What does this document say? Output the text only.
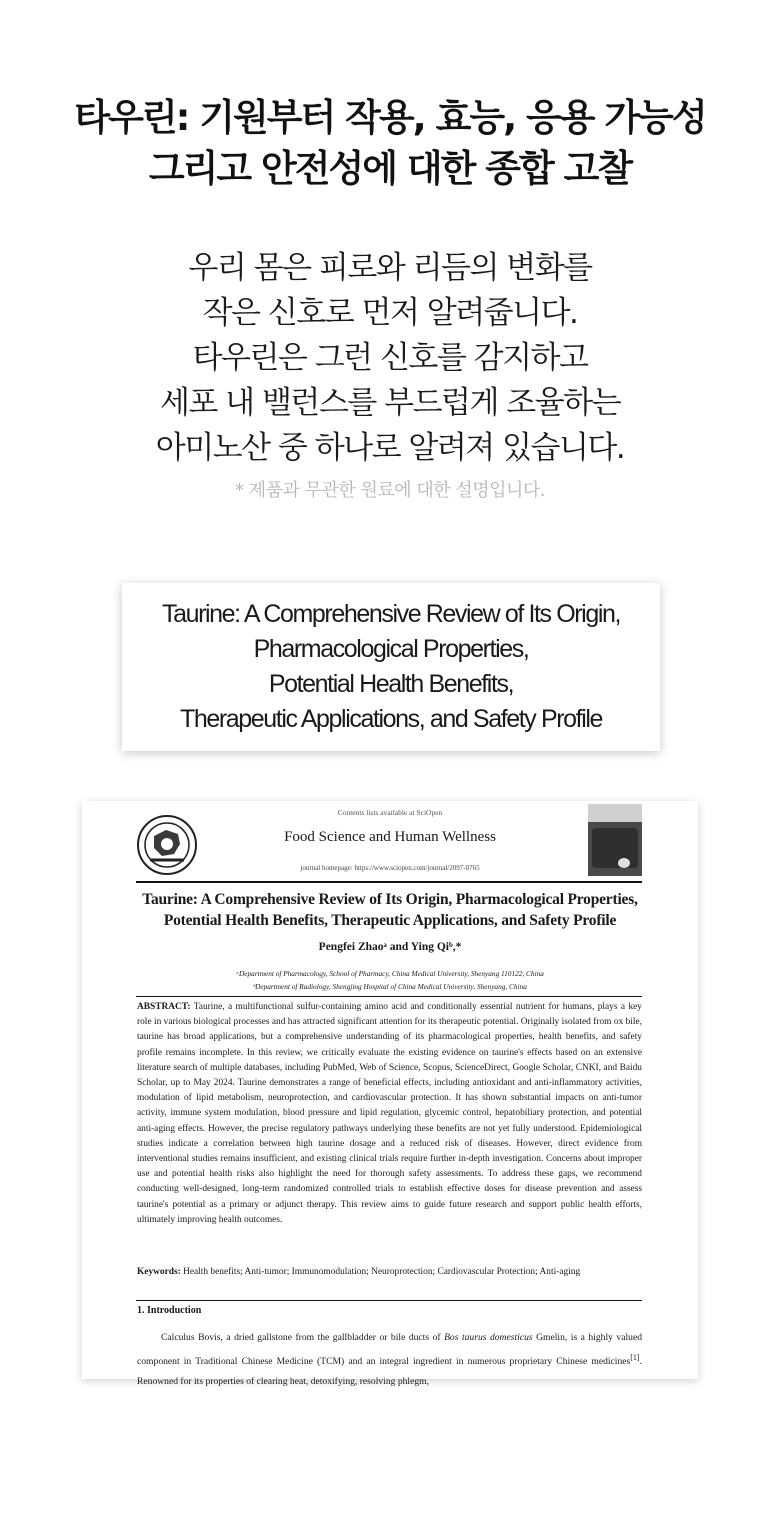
타우린: 기원부터 작용, 효능, 응용 가능성
그리고 안전성에 대한 종합 고찰
우리 몸은 피로와 리듬의 변화를
작은 신호로 먼저 알려줍니다.
타우린은 그런 신호를 감지하고
세포 내 밸런스를 부드럽게 조율하는
아미노산 중 하나로 알려져 있습니다.
* 제품과 무관한 원료에 대한 설명입니다.
Taurine: A Comprehensive Review of Its Origin,
Pharmacological Properties,
Potential Health Benefits,
Therapeutic Applications, and Safety Profile
Contents lists available at SciOpen
Food Science and Human Wellness
journal homepage: https://www.sciopen.com/journal/2097-0765
Taurine: A Comprehensive Review of Its Origin, Pharmacological Properties,
Potential Health Benefits, Therapeutic Applications, and Safety Profile
Pengfei Zhaoᵃ and Ying Qiᵇ,*
ᵃDepartment of Pharmacology, School of Pharmacy, China Medical University, Shenyang 110122, China
ᵇDepartment of Radiology, Shengjing Hospital of China Medical University, Shenyang, China
ABSTRACT: Taurine, a multifunctional sulfur-containing amino acid and conditionally essential nutrient for humans, plays a key role in various biological processes and has attracted significant attention for its therapeutic potential. Originally isolated from ox bile, taurine has broad applications, but a comprehensive understanding of its pharmacological properties, health benefits, and safety profile remains incomplete. In this review, we critically evaluate the existing evidence on taurine's effects based on an extensive literature search of multiple databases, including PubMed, Web of Science, Scopus, ScienceDirect, Google Scholar, CNKI, and Baidu Scholar, up to May 2024. Taurine demonstrates a range of beneficial effects, including antioxidant and anti-inflammatory activities, modulation of lipid metabolism, neuroprotection, and cardiovascular protection. It has shown substantial impacts on anti-tumor activity, immune system modulation, blood pressure and lipid regulation, glycemic control, hepatobiliary protection, and potential anti-aging effects. However, the precise regulatory pathways underlying these benefits are not yet fully understood. Epidemiological studies indicate a correlation between high taurine dosage and a reduced risk of diseases. However, direct evidence from interventional studies remains insufficient, and existing clinical trials require further in-depth investigation. Concerns about improper use and potential health risks also highlight the need for thorough safety assessments. To address these gaps, we recommend conducting well-designed, long-term randomized controlled trials to establish effective doses for disease prevention and assess taurine's potential as a primary or adjunct therapy. This review aims to guide future research and support public health efforts, ultimately improving health outcomes.
Keywords: Health benefits; Anti-tumor; Immunomodulation; Neuroprotection; Cardiovascular Protection; Anti-aging
1. Introduction
Calculus Bovis, a dried gallstone from the gallbladder or bile ducts of Bos taurus domesticus Gmelin, is a highly valued component in Traditional Chinese Medicine (TCM) and an integral ingredient in numerous proprietary Chinese medicines[1]. Renowned for its properties of clearing heat, detoxifying, resolving phlegm,
